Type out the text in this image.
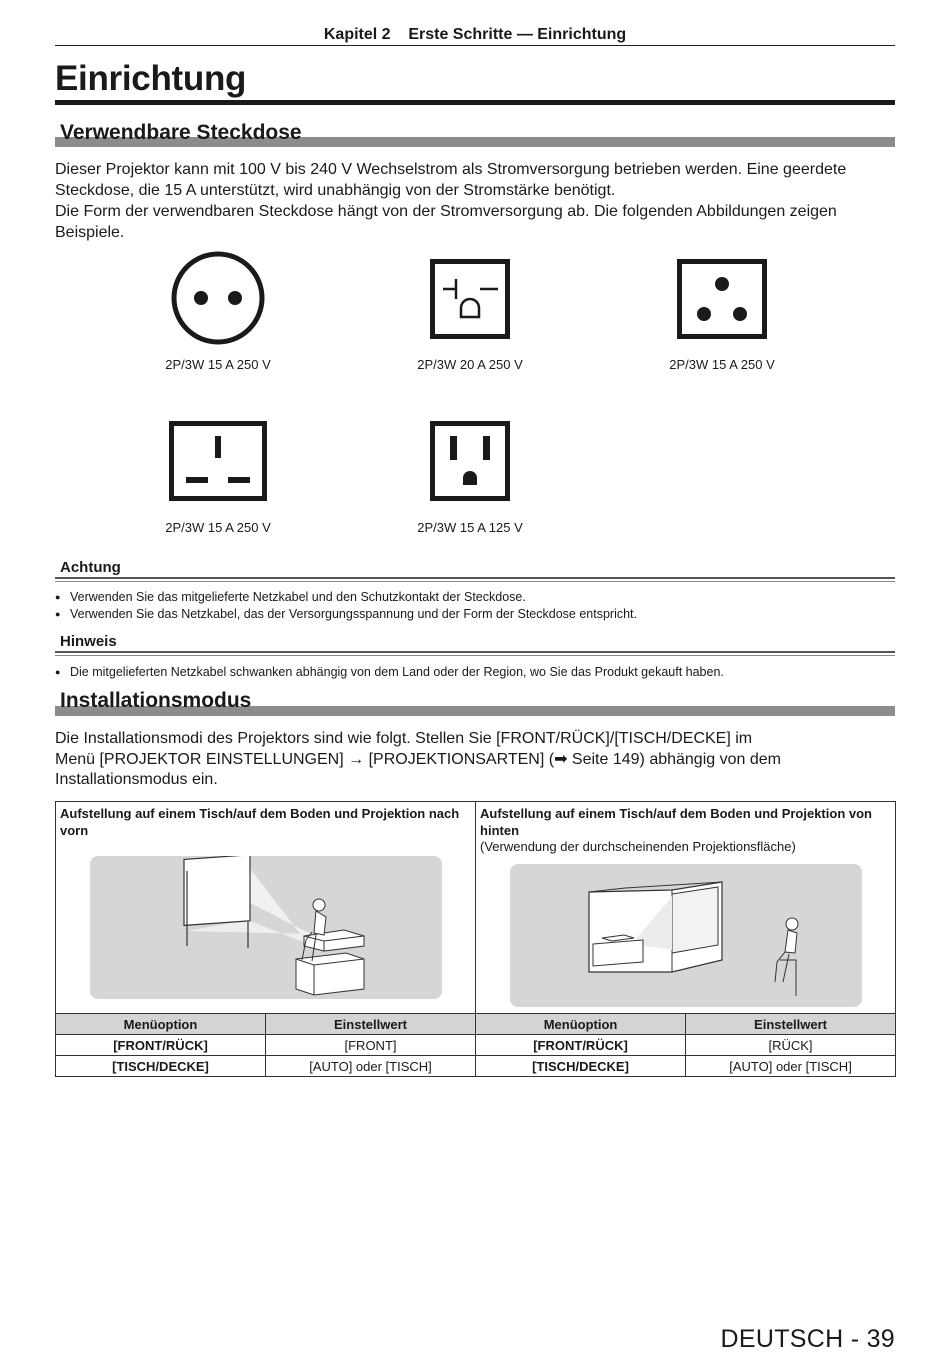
Kapitel 2    Erste Schritte — Einrichtung
Einrichtung
Verwendbare Steckdose

Dieser Projektor kann mit 100 V bis 240 V Wechselstrom als Stromversorgung betrieben werden. Eine geerdete Steckdose, die 15 A unterstützt, wird unabhängig von der Stromstärke benötigt.

Die Form der verwendbaren Steckdose hängt von der Stromversorgung ab. Die folgenden Abbildungen zeigen Beispiele.

2P/3W 15 A 250 V	2P/3W 20 A 250 V	2P/3W 15 A 250 V
2P/3W 15 A 250 V	2P/3W 15 A 125 V
Achtung
● Verwenden Sie das mitgelieferte Netzkabel und den Schutzkontakt der Steckdose.
● Verwenden Sie das Netzkabel, das der Versorgungsspannung und der Form der Steckdose entspricht.
Hinweis
● Die mitgelieferten Netzkabel schwanken abhängig von dem Land oder der Region, wo Sie das Produkt gekauft haben.
Installationsmodus
Die Installationsmodi des Projektors sind wie folgt. Stellen Sie [FRONT/RÜCK]/[TISCH/DECKE] im
Menü [PROJEKTOR EINSTELLUNGEN] → [PROJEKTIONSARTEN] (➡ Seite 149) abhängig von dem
Installationsmodus ein.
Aufstellung auf einem Tisch/auf dem Boden und Projektion nach vorn		Aufstellung auf einem Tisch/auf dem Boden und Projektion von hinten
(Verwendung der durchscheinenden Projektionsfläche)	

Menüoption	Einstellwert	Menüoption	Einstellwert
[FRONT/RÜCK]	[FRONT]	[FRONT/RÜCK]	[RÜCK]
[TISCH/DECKE]	[AUTO] oder [TISCH]	[TISCH/DECKE]	[AUTO] oder [TISCH]
DEUTSCH - 39
